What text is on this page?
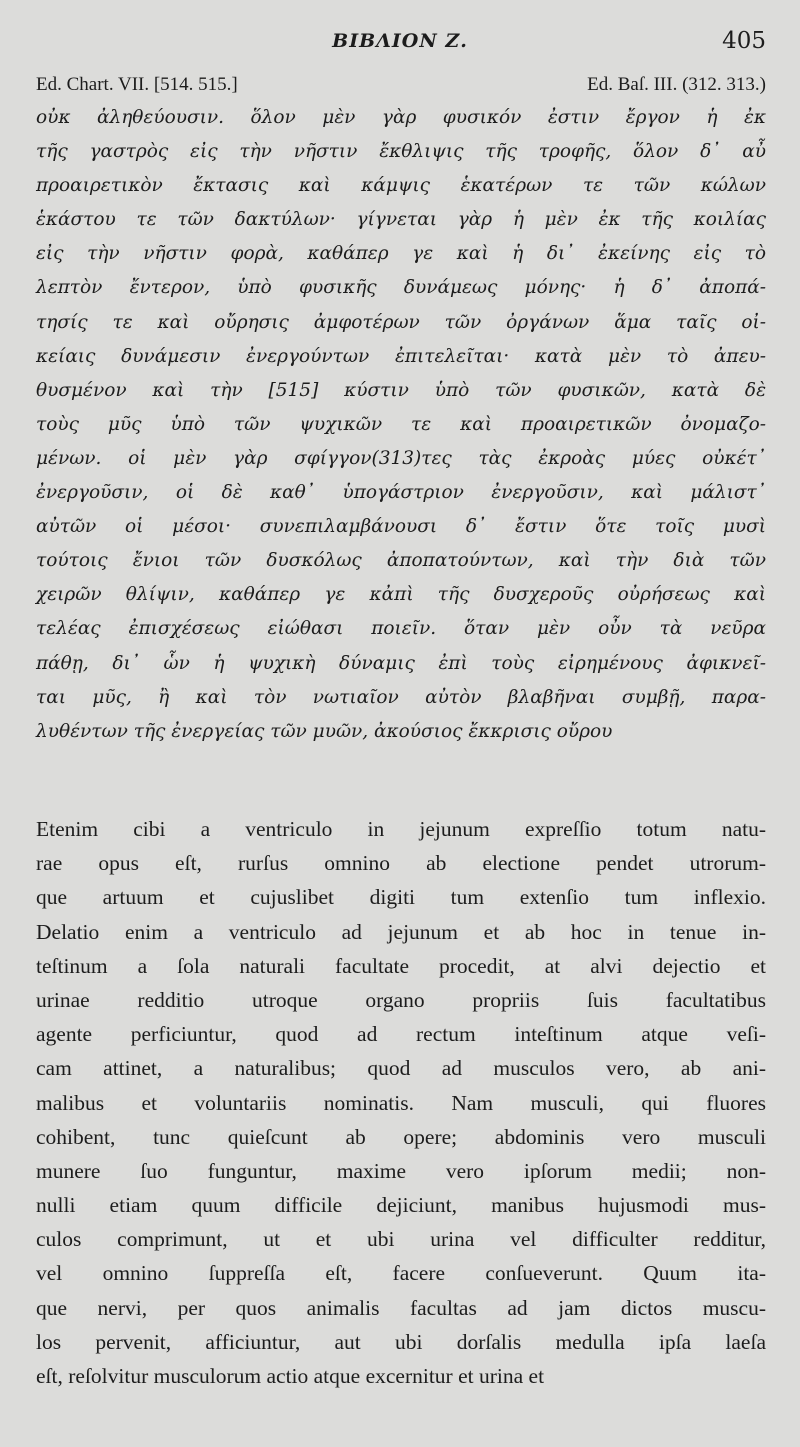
BIBΛΙΟΝ Ζ.	405
Ed. Chart. VII. [514. 515.]	Ed. Baſ. III. (312. 313.)
οὐκ ἀληθεύουσιν. ὅλον μὲν γὰρ φυσικόν ἐστιν ἔργον ἡ ἐκ
τῆς γαστρὸς εἰς τὴν νῆστιν ἔκθλιψις τῆς τροφῆς, ὅλον δ᾽ αὖ
προαιρετικὸν ἔκτασις καὶ κάμψις ἑκατέρων τε τῶν κώλων
ἑκάστου τε τῶν δακτύλων· γίγνεται γὰρ ἡ μὲν ἐκ τῆς κοιλίας
εἰς τὴν νῆστιν φορὰ, καθάπερ γε καὶ ἡ δι᾽ ἐκείνης εἰς τὸ
λεπτὸν ἔντερον, ὑπὸ φυσικῆς δυνάμεως μόνης· ἡ δ᾽ ἀποπά-
τησίς τε καὶ οὔρησις ἀμφοτέρων τῶν ὀργάνων ἅμα ταῖς οἰ-
κείαις δυνάμεσιν ἐνεργούντων ἐπιτελεῖται· κατὰ μὲν τὸ ἀπευ-
θυσμένον καὶ τὴν [515] κύστιν ὑπὸ τῶν φυσικῶν, κατὰ δὲ
τοὺς μῦς ὑπὸ τῶν ψυχικῶν τε καὶ προαιρετικῶν ὀνομαζο-
μένων. οἱ μὲν γὰρ σφίγγον(313)τες τὰς ἐκροὰς μύες οὐκέτ᾽
ἐνεργοῦσιν, οἱ δὲ καθ᾽ ὑπογάστριον ἐνεργοῦσιν, καὶ μάλιστ᾽
αὐτῶν οἱ μέσοι· συνεπιλαμβάνουσι δ᾽ ἔστιν ὅτε τοῖς μυσὶ
τούτοις ἔνιοι τῶν δυσκόλως ἀποπατούντων, καὶ τὴν διὰ τῶν
χειρῶν θλίψιν, καθάπερ γε κἀπὶ τῆς δυσχεροῦς οὐρήσεως καὶ
τελέας ἐπισχέσεως εἰώθασι ποιεῖν. ὅταν μὲν οὖν τὰ νεῦρα
πάθῃ, δι᾽ ὧν ἡ ψυχικὴ δύναμις ἐπὶ τοὺς εἰρημένους ἀφικνεῖ-
ται μῦς, ἢ καὶ τὸν νωτιαῖον αὐτὸν βλαβῆναι συμβῇ, παρα-
λυθέντων τῆς ἐνεργείας τῶν μυῶν, ἀκούσιος ἔκκρισις οὔρου
Etenim cibi a ventriculo in jejunum expreſſio totum natu-
rae opus eſt, rurſus omnino ab electione pendet utrorum-
que artuum et cujuslibet digiti tum extenſio tum inflexio.
Delatio enim a ventriculo ad jejunum et ab hoc in tenue in-
teſtinum a ſola naturali facultate procedit, at alvi dejectio et
urinae redditio utroque organo propriis ſuis facultatibus
agente perficiuntur, quod ad rectum inteſtinum atque veſi-
cam attinet, a naturalibus; quod ad musculos vero, ab ani-
malibus et voluntariis nominatis. Nam musculi, qui fluores
cohibent, tunc quieſcunt ab opere; abdominis vero musculi
munere ſuo funguntur, maxime vero ipſorum medii; non-
nulli etiam quum difficile dejiciunt, manibus hujusmodi mus-
culos comprimunt, ut et ubi urina vel difficulter redditur,
vel omnino ſuppreſſa eſt, facere conſueverunt. Quum ita-
que nervi, per quos animalis facultas ad jam dictos muscu-
los pervenit, afficiuntur, aut ubi dorſalis medulla ipſa laeſa
eſt, reſolvitur musculorum actio atque excernitur et urina et
